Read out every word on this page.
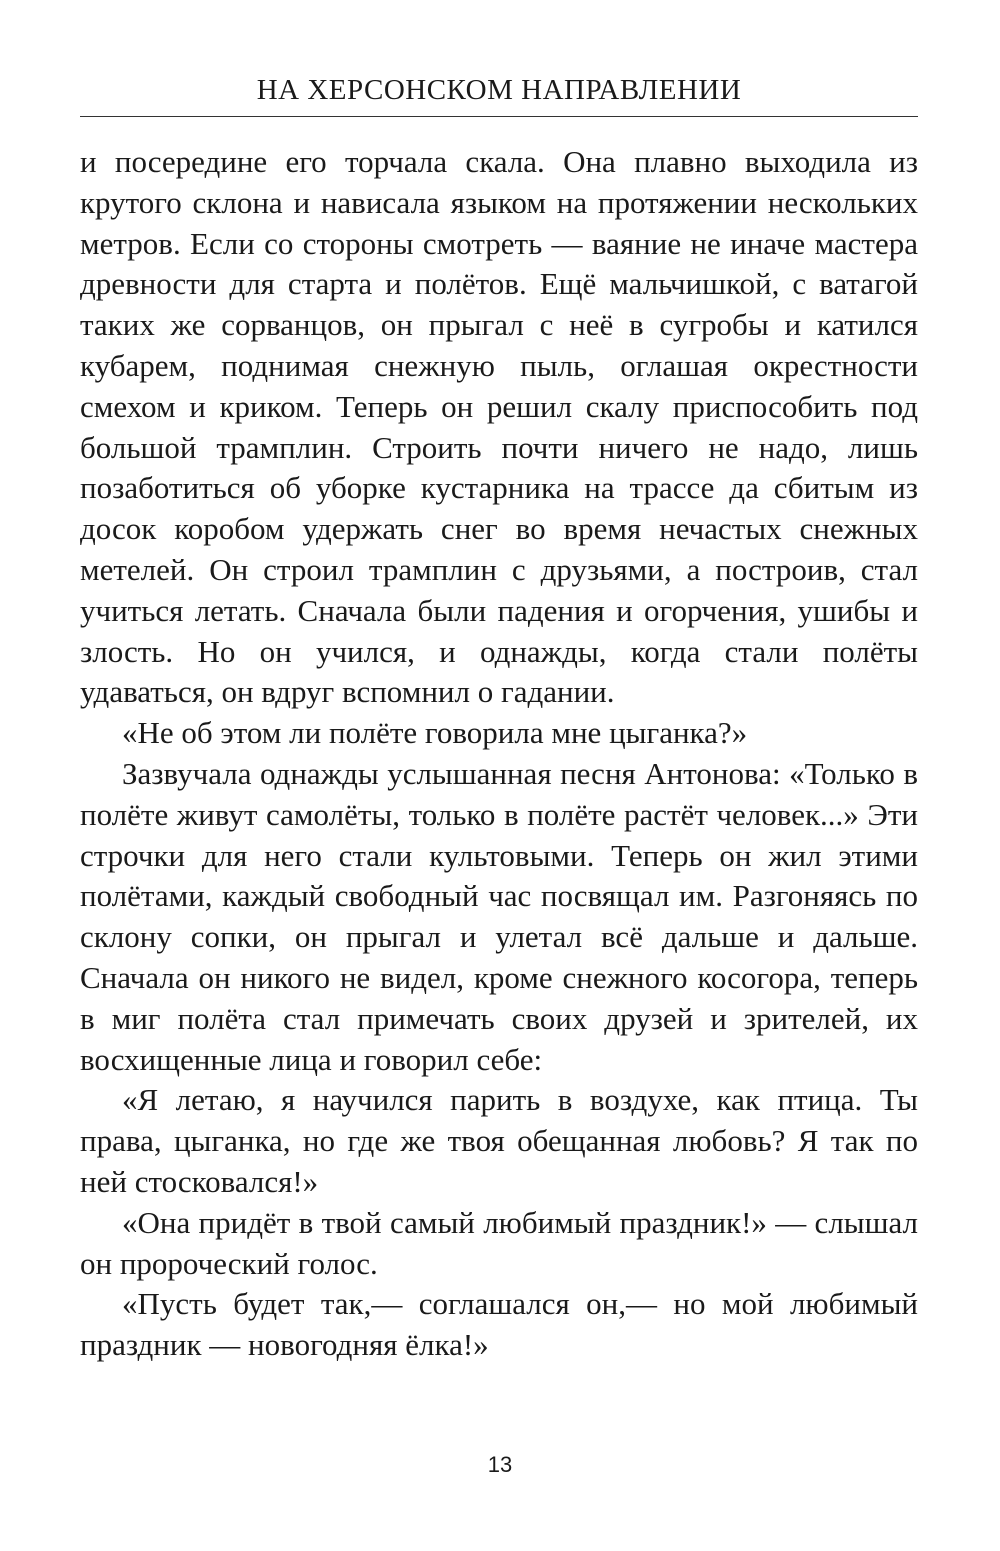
НА ХЕРСОНСКОМ НАПРАВЛЕНИИ

и посередине его торчала скала. Она плавно выходила из крутого склона и нависала языком на протяжении нескольких метров. Если со стороны смотреть — ваяние не иначе мастера древности для старта и полётов. Ещё мальчишкой, с ватагой таких же сорванцов, он прыгал с неё в сугробы и катился кубарем, поднимая снежную пыль, оглашая окрестности смехом и криком. Теперь он решил скалу приспособить под большой трамплин. Строить почти ничего не надо, лишь позаботиться об уборке кустарника на трассе да сбитым из досок коробом удержать снег во время нечастых снежных метелей. Он строил трамплин с друзьями, а построив, стал учиться летать. Сначала были падения и огорчения, ушибы и злость. Но он учился, и однажды, когда стали полёты удаваться, он вдруг вспомнил о гадании.

«Не об этом ли полёте говорила мне цыганка?»

Зазвучала однажды услышанная песня Антонова: «Только в полёте живут самолёты, только в полёте растёт человек...» Эти строчки для него стали культовыми. Теперь он жил этими полётами, каждый свободный час посвящал им. Разгоняясь по склону сопки, он прыгал и улетал всё дальше и дальше. Сначала он никого не видел, кроме снежного косогора, теперь в миг полёта стал примечать своих друзей и зрителей, их восхищенные лица и говорил себе:

«Я летаю, я научился парить в воздухе, как птица. Ты права, цыганка, но где же твоя обещанная любовь? Я так по ней стосковался!»

«Она придёт в твой самый любимый праздник!» — слышал он пророческий голос.

«Пусть будет так,— соглашался он,— но мой любимый праздник — новогодняя ёлка!»

13
